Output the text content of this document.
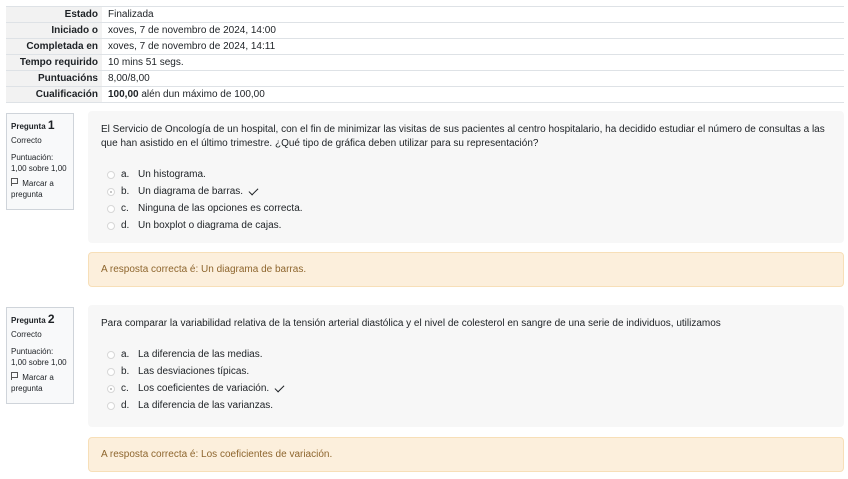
Estado	Finalizada
Iniciado o	xoves, 7 de novembro de 2024, 14:00
Completada en	xoves, 7 de novembro de 2024, 14:11
Tempo requirido	10 mins 51 segs.
Puntuacións	8,00/8,00
Cualificación	100,00 alén dun máximo de 100,00
Pregunta 1
Correcto
Puntuación:
1,00 sobre 1,00
Marcar a pregunta
El Servicio de Oncología de un hospital, con el fin de minimizar las visitas de sus pacientes al centro hospitalario, ha decidido estudiar el número de consultas a las que han asistido en el último trimestre. ¿Qué tipo de gráfica deben utilizar para su representación?
a. Un histograma.
b. Un diagrama de barras.
c. Ninguna de las opciones es correcta.
d. Un boxplot o diagrama de cajas.
A resposta correcta é: Un diagrama de barras.
Pregunta 2
Correcto
Puntuación:
1,00 sobre 1,00
Marcar a pregunta
Para comparar la variabilidad relativa de la tensión arterial diastólica y el nivel de colesterol en sangre de una serie de individuos, utilizamos
a. La diferencia de las medias.
b. Las desviaciones típicas.
c. Los coeficientes de variación.
d. La diferencia de las varianzas.
A resposta correcta é: Los coeficientes de variación.
